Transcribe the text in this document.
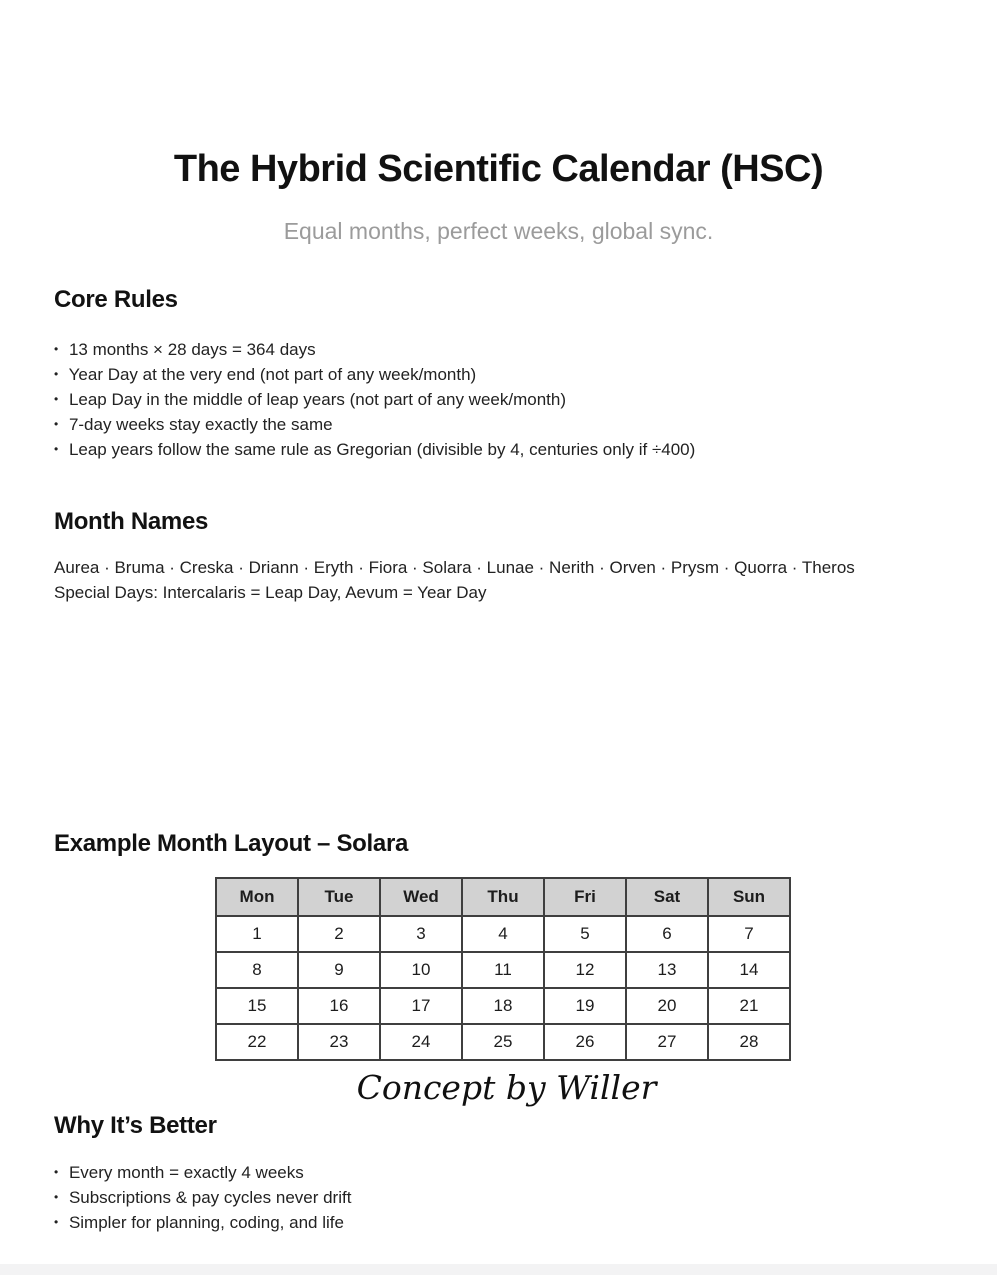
The Hybrid Scientific Calendar (HSC)
Equal months, perfect weeks, global sync.
Core Rules
• 13 months × 28 days = 364 days
• Year Day at the very end (not part of any week/month)
• Leap Day in the middle of leap years (not part of any week/month)
• 7-day weeks stay exactly the same
• Leap years follow the same rule as Gregorian (divisible by 4, centuries only if ÷400)
Month Names
Aurea · Bruma · Creska · Driann · Eryth · Fiora · Solara · Lunae · Nerith · Orven · Prysm · Quorra · Theros
Special Days: Intercalaris = Leap Day, Aevum = Year Day
Example Month Layout – Solara
Mon	Tue	Wed	Thu	Fri	Sat	Sun
1	2	3	4	5	6	7
8	9	10	11	12	13	14
15	16	17	18	19	20	21
22	23	24	25	26	27	28
Concept by Willer
Why It’s Better
• Every month = exactly 4 weeks
• Subscriptions & pay cycles never drift
• Simpler for planning, coding, and life
